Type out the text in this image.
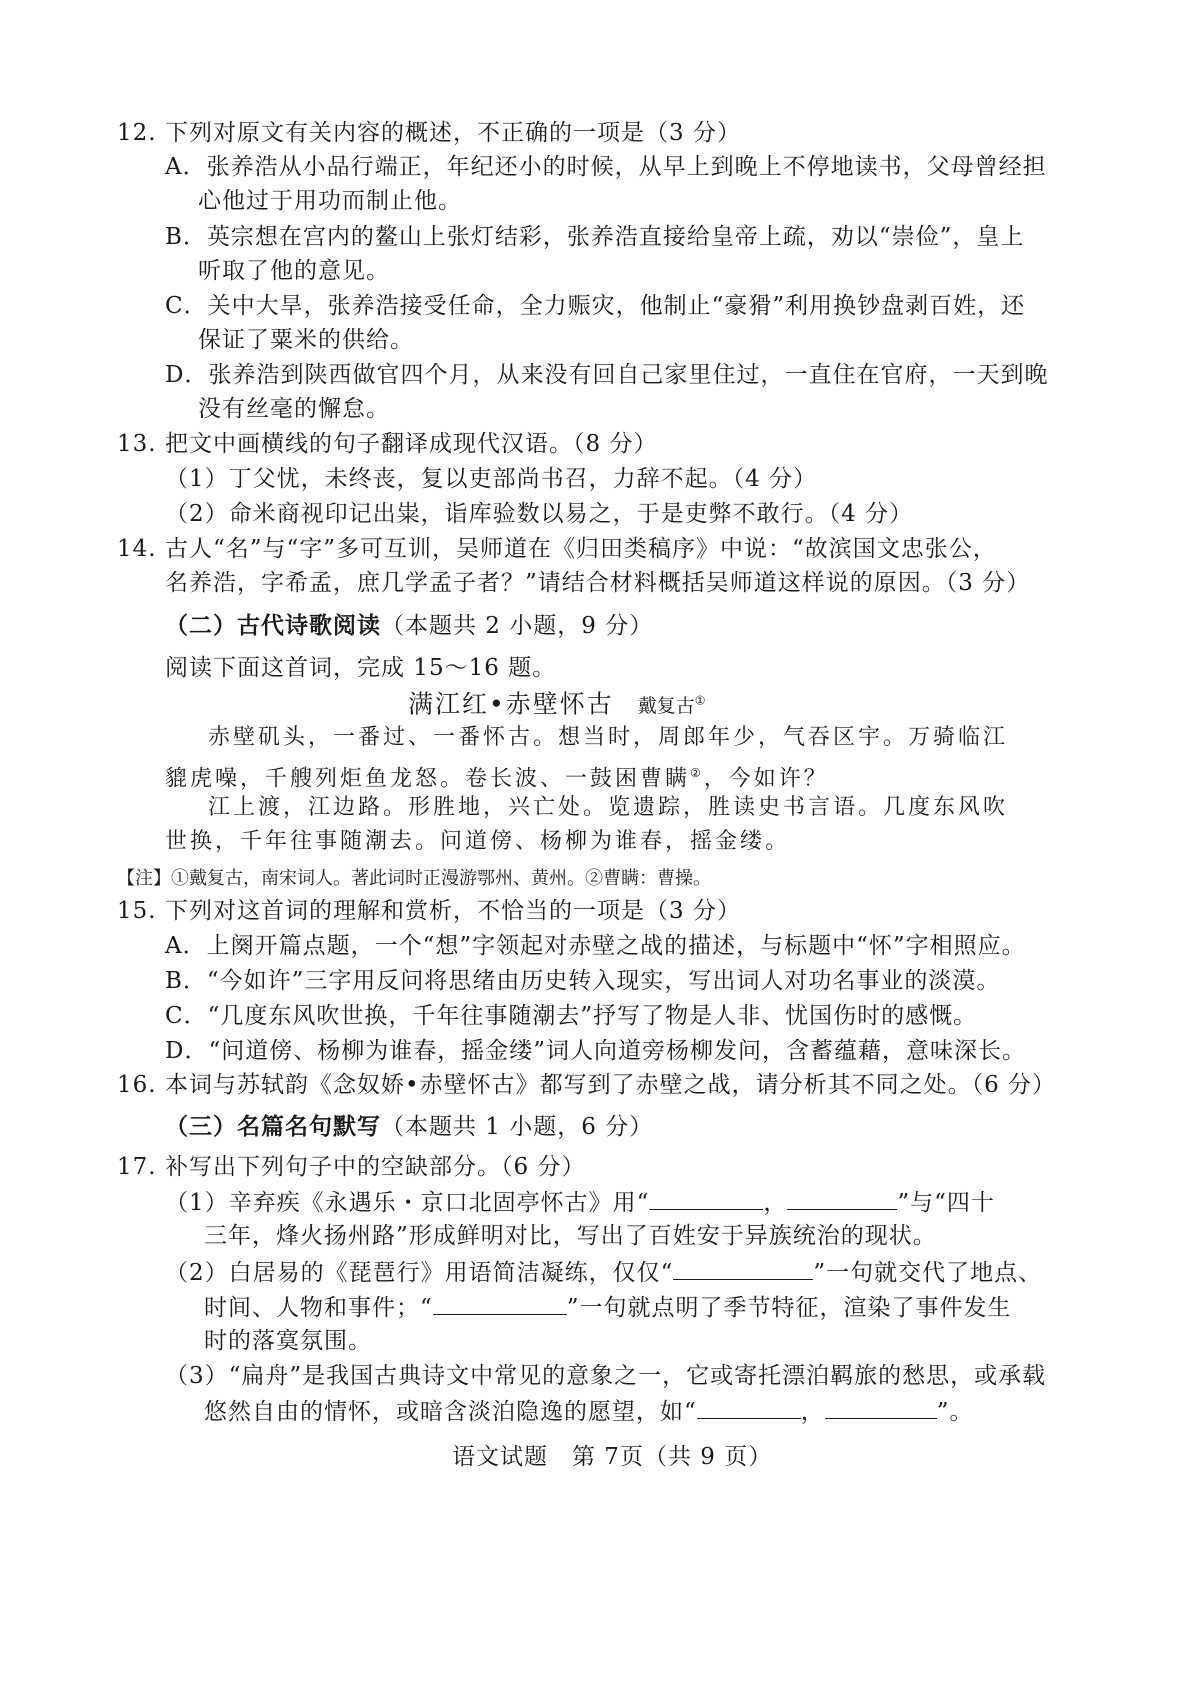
12. 下列对原文有关内容的概述，不正确的一项是（3 分）
A．张养浩从小品行端正，年纪还小的时候，从早上到晚上不停地读书，父母曾经担
心他过于用功而制止他。
B．英宗想在宫内的鳌山上张灯结彩，张养浩直接给皇帝上疏，劝以“崇俭”，皇上
听取了他的意见。
C．关中大旱，张养浩接受任命，全力赈灾，他制止“豪猾”利用换钞盘剥百姓，还
保证了粟米的供给。
D．张养浩到陕西做官四个月，从来没有回自己家里住过，一直住在官府，一天到晚
没有丝毫的懈怠。
13. 把文中画横线的句子翻译成现代汉语。（8 分）
（1）丁父忧，未终丧，复以吏部尚书召，力辞不起。（4 分）
（2）命米商视印记出粜，诣库验数以易之，于是吏弊不敢行。（4 分）
14. 古人“名”与“字”多可互训，吴师道在《归田类稿序》中说：“故滨国文忠张公，
名养浩，字希孟，庶几学孟子者？”请结合材料概括吴师道这样说的原因。（3 分）
（二）古代诗歌阅读（本题共 2 小题，9 分）
阅读下面这首词，完成 15～16 题。
满江红•赤壁怀古 戴复古①
赤壁矶头，一番过、一番怀古。想当时，周郎年少，气吞区宇。万骑临江
貔虎噪，千艘列炬鱼龙怒。卷长波、一鼓困曹瞒②，今如许？
江上渡，江边路。形胜地，兴亡处。览遗踪，胜读史书言语。几度东风吹
世换，千年往事随潮去。问道傍、杨柳为谁春，摇金缕。
【注】①戴复古，南宋词人。著此词时正漫游鄂州、黄州。②曹瞒：曹操。
15. 下列对这首词的理解和赏析，不恰当的一项是（3 分）
A．上阕开篇点题，一个“想”字领起对赤壁之战的描述，与标题中“怀”字相照应。
B．“今如许”三字用反问将思绪由历史转入现实，写出词人对功名事业的淡漠。
C．“几度东风吹世换，千年往事随潮去”抒写了物是人非、忧国伤时的感慨。
D．“问道傍、杨柳为谁春，摇金缕”词人向道旁杨柳发问，含蓄蕴藉，意味深长。
16. 本词与苏轼韵《念奴娇•赤壁怀古》都写到了赤壁之战，请分析其不同之处。（6 分）
（三）名篇名句默写（本题共 1 小题，6 分）
17. 补写出下列句子中的空缺部分。（6 分）
（1）辛弃疾《永遇乐・京口北固亭怀古》用“	，	”与“四十
三年，烽火扬州路”形成鲜明对比，写出了百姓安于异族统治的现状。
（2）白居易的《琵琶行》用语简洁凝练，仅仅“	”一句就交代了地点、
时间、人物和事件；“	”一句就点明了季节特征，渲染了事件发生
时的落寞氛围。
（3）“扁舟”是我国古典诗文中常见的意象之一，它或寄托漂泊羁旅的愁思，或承载
悠然自由的情怀，或暗含淡泊隐逸的愿望，如“	，	”。
语文试题　第 7页（共 9 页）
